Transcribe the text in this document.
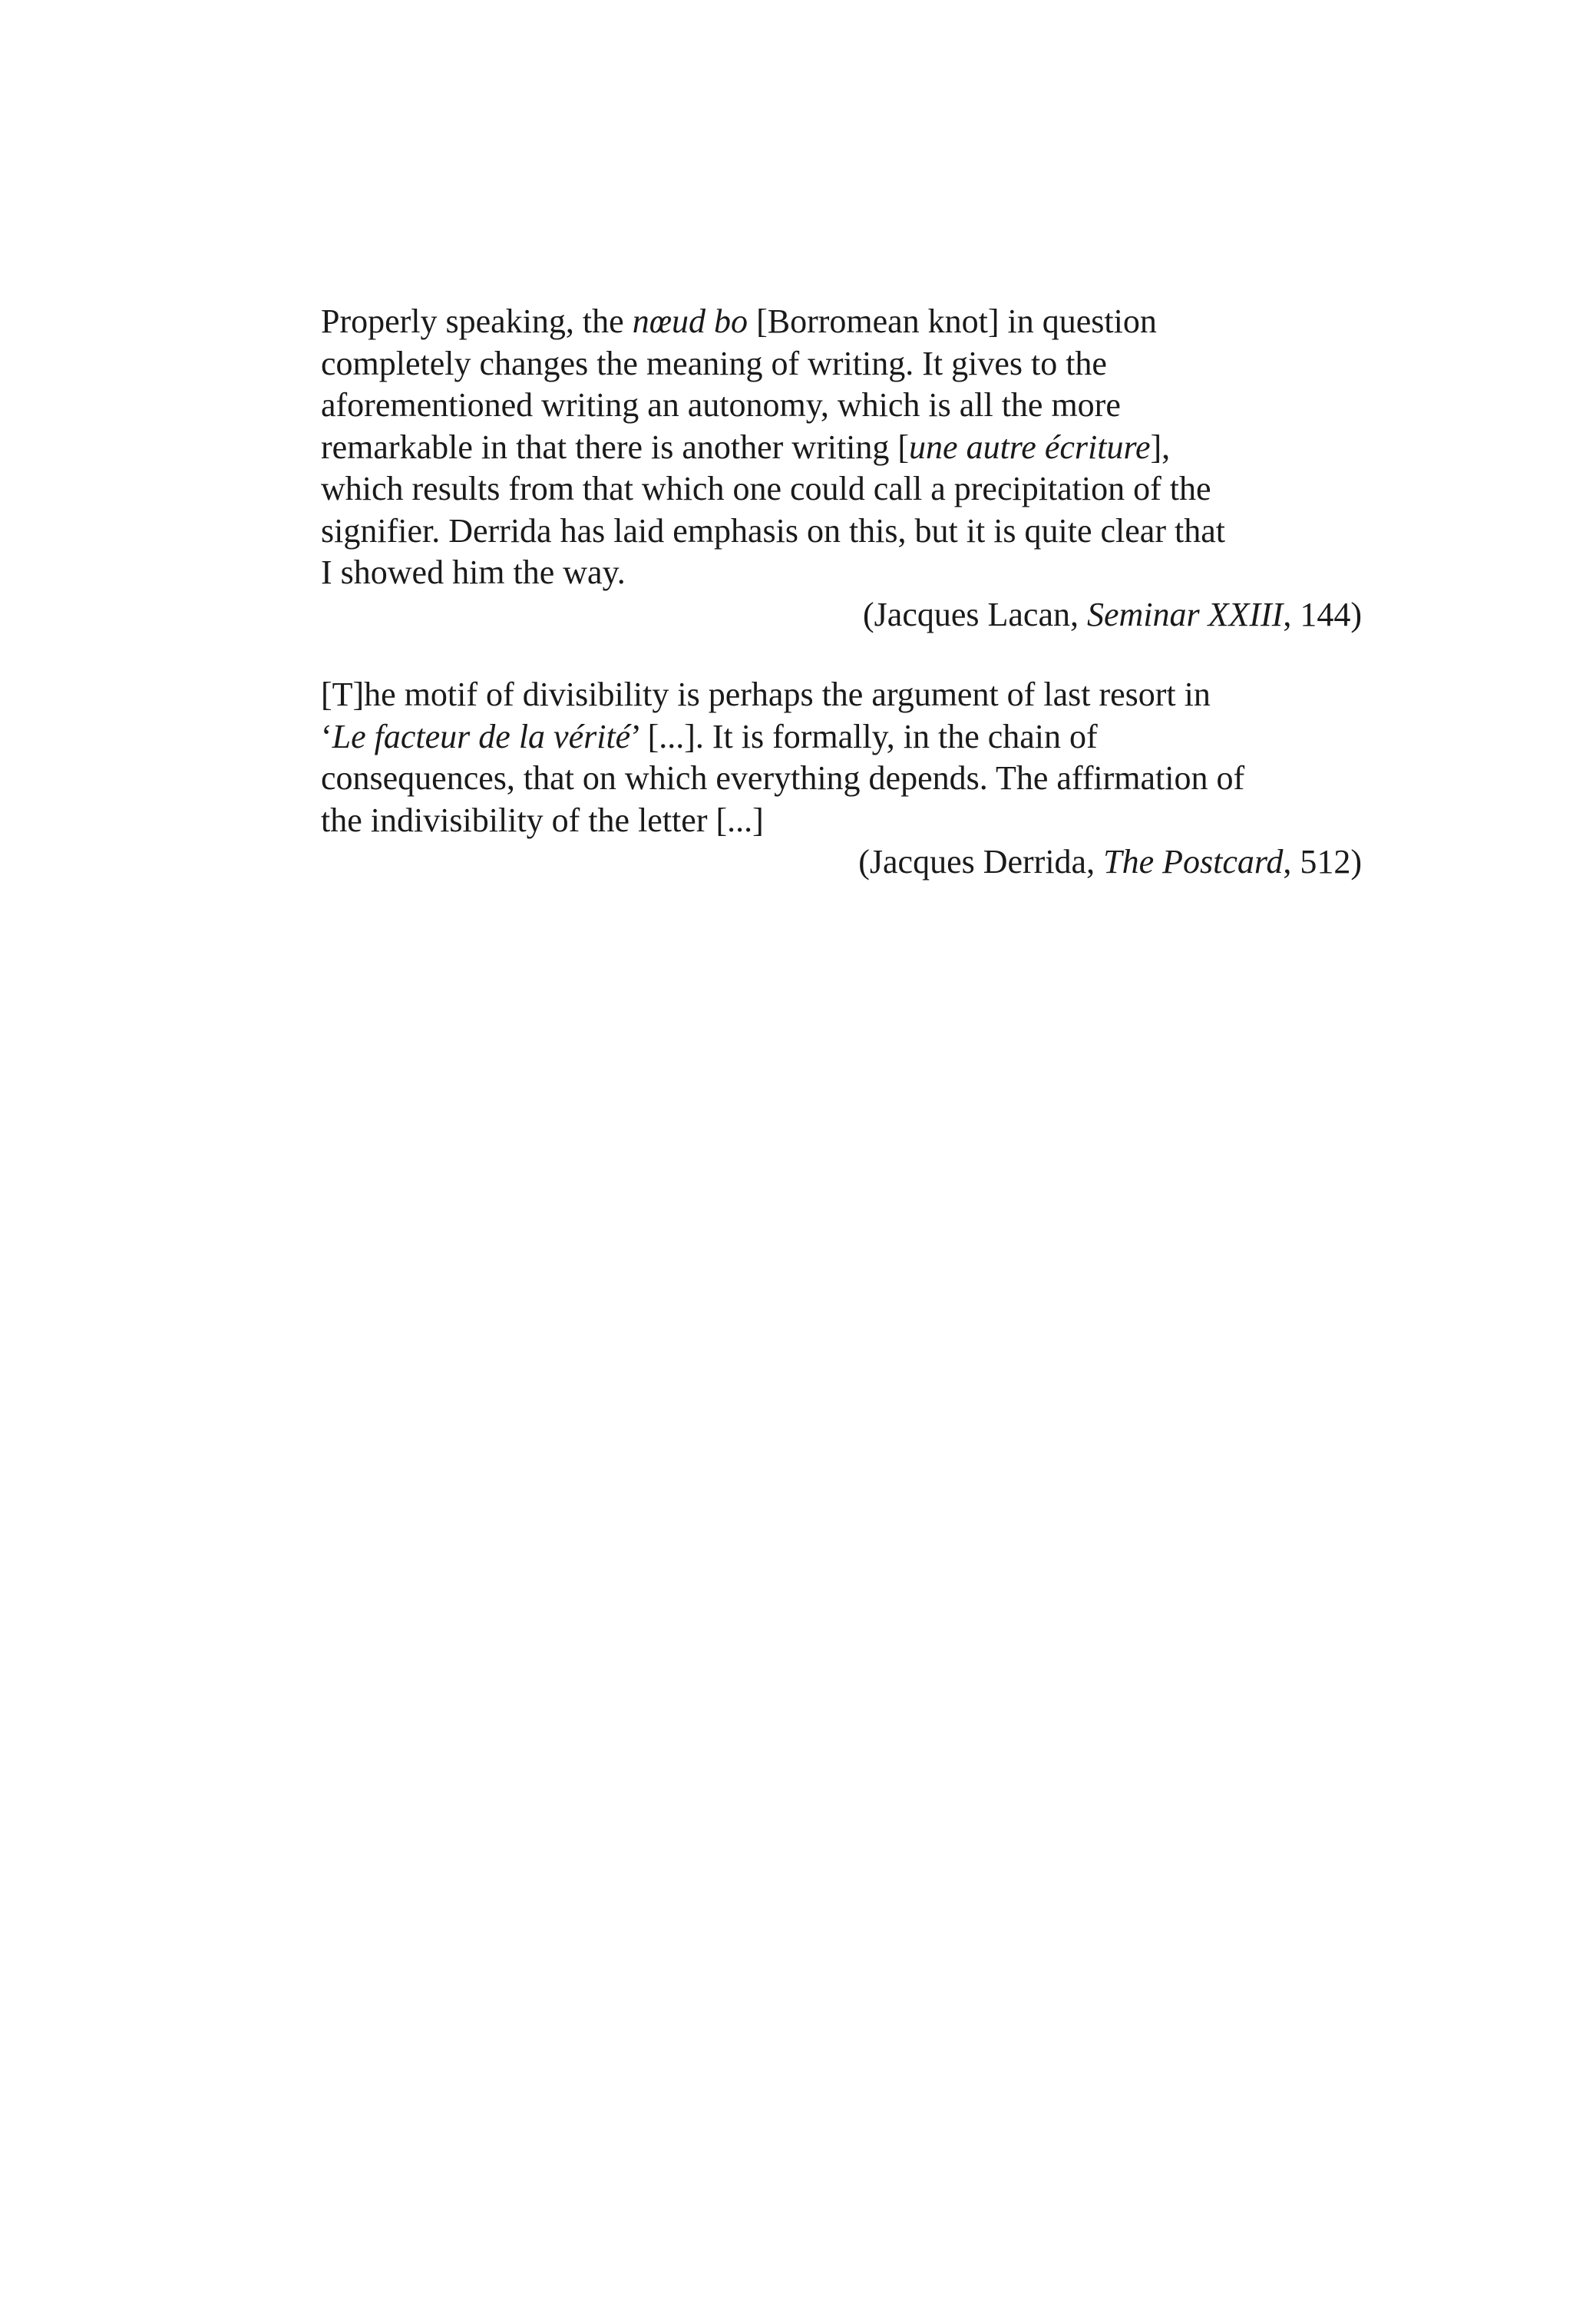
Properly speaking, the nœud bo [Borromean knot] in question
completely changes the meaning of writing. It gives to the
aforementioned writing an autonomy, which is all the more
remarkable in that there is another writing [une autre écriture],
which results from that which one could call a precipitation of the
signifier. Derrida has laid emphasis on this, but it is quite clear that
I showed him the way.

(Jacques Lacan, Seminar XXIII, 144)

[T]he motif of divisibility is perhaps the argument of last resort in
‘Le facteur de la vérité’ [...]. It is formally, in the chain of
consequences, that on which everything depends. The affirmation of
the indivisibility of the letter [...]

(Jacques Derrida, The Postcard, 512)
